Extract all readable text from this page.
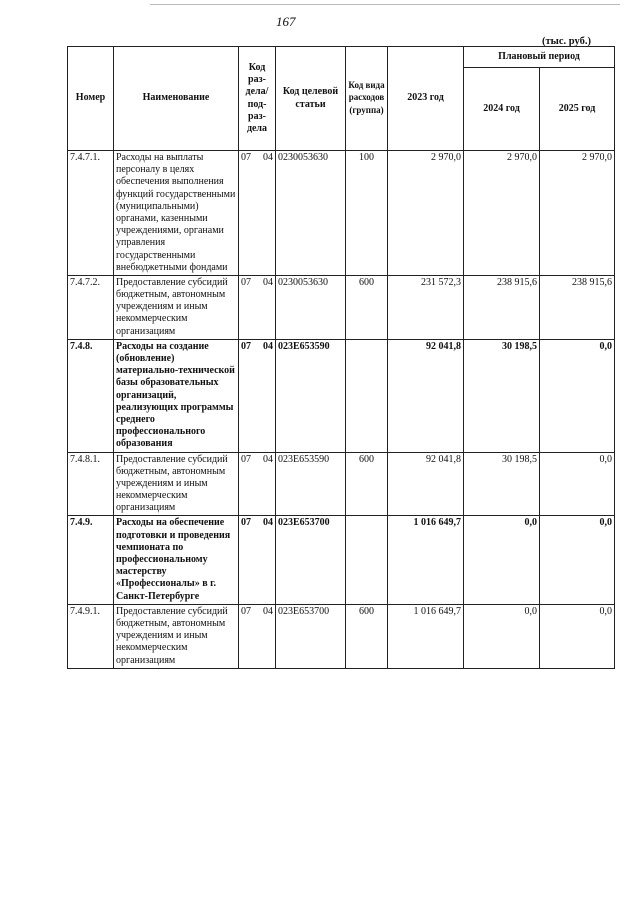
167
(тыс. руб.)
Номер	Наименование	Код раз-дела/ под-раз-дела	Код целевой статьи	Код вида расходов (группа)	2023 год	Плановый период	
						2024 год	2025 год
7.4.7.1.	Расходы на выплаты персоналу в целях обеспечения выполнения функций государственными (муниципальными) органами, казенными учреждениями, органами управления государственными внебюджетными фондами	07 04	0230053630	100	2 970,0	2 970,0	2 970,0
7.4.7.2.	Предоставление субсидий бюджетным, автономным учреждениям и иным некоммерческим организациям	07 04	0230053630	600	231 572,3	238 915,6	238 915,6
7.4.8.	Расходы на создание (обновление) материально-технической базы образовательных организаций, реализующих программы среднего профессионального образования	07 04	023E653590		92 041,8	30 198,5	0,0
7.4.8.1.	Предоставление субсидий бюджетным, автономным учреждениям и иным некоммерческим организациям	07 04	023E653590	600	92 041,8	30 198,5	0,0
7.4.9.	Расходы на обеспечение подготовки и проведения чемпионата по профессиональному мастерству «Профессионалы» в г. Санкт-Петербурге	07 04	023E653700		1 016 649,7	0,0	0,0
7.4.9.1.	Предоставление субсидий бюджетным, автономным учреждениям и иным некоммерческим организациям	07 04	023E653700	600	1 016 649,7	0,0	0,0
